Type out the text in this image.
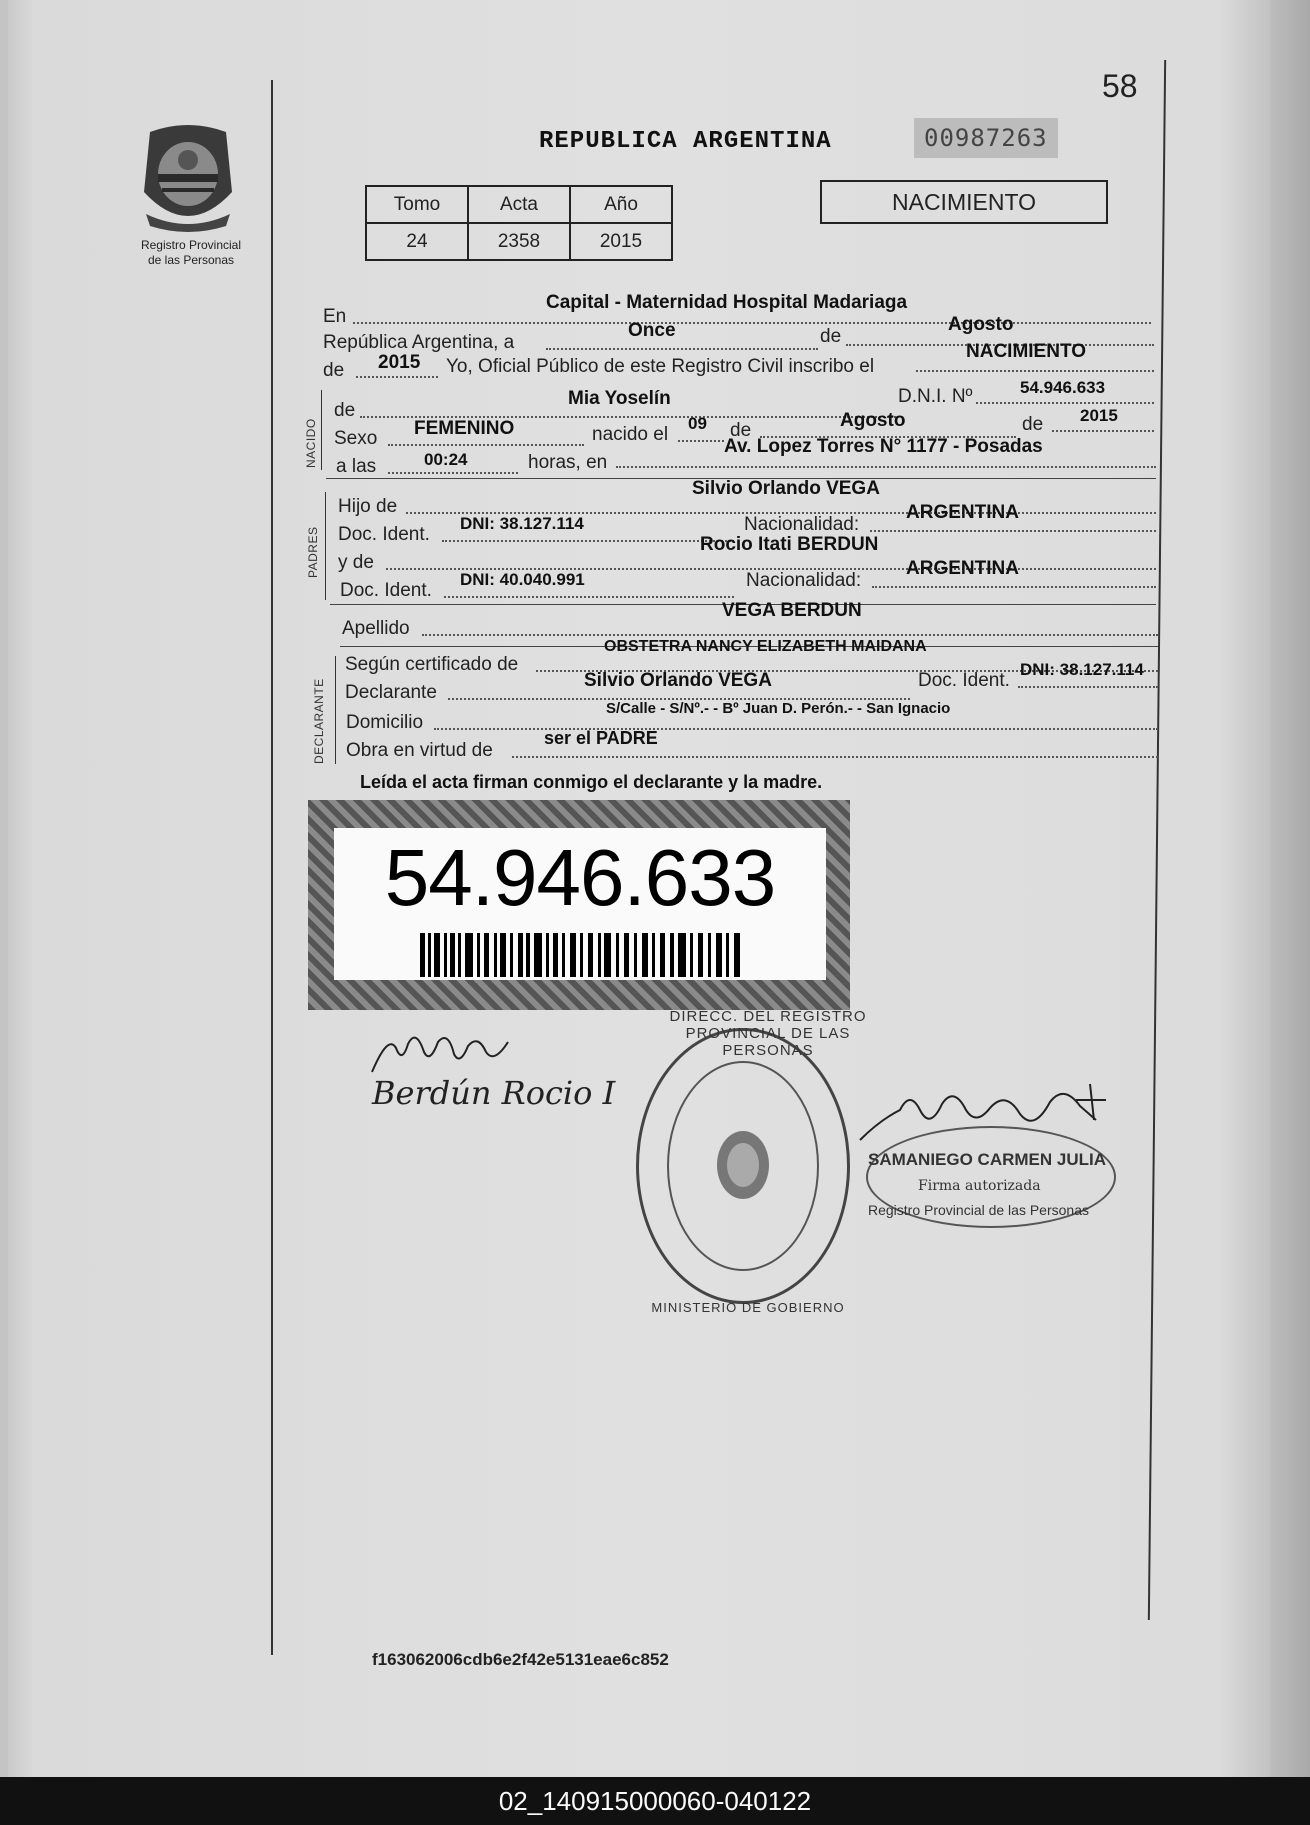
58
Registro Provincial
de las Personas
REPUBLICA ARGENTINA	00987263
Tomo	Acta	Año
24	2358	2015
NACIMIENTO
En
Capital - Maternidad Hospital Madariaga
República Argentina, a
Once	de
Agosto
de 2015 Yo, Oficial Público de este Registro Civil inscribo el
NACIMIENTO
NACIDO
de
Mia Yoselín	D.N.I. Nº	54.946.633
Sexo FEMENINO	nacido el
09 de	Agosto	de 2015
a las	00:24	horas, en
Av. Lopez Torres N° 1177 - Posadas
PADRES
Hijo de
Silvio Orlando VEGA
Doc. Ident.
DNI: 38.127.114	Nacionalidad:
ARGENTINA
y de
Rocio Itati BERDUN
Doc. Ident.
DNI: 40.040.991	Nacionalidad:
ARGENTINA
Apellido
VEGA BERDUN
DECLARANTE
Según certificado de
OBSTETRA NANCY ELIZABETH MAIDANA
Declarante
Silvio Orlando VEGA	Doc. Ident.
DNI: 38.127.114
Domicilio
S/Calle - S/Nº.- - Bº Juan D. Perón.- - San Ignacio
Obra en virtud de
ser el PADRE
Leída el acta firman conmigo el declarante y la madre.
54.946.633
Berdún Rocio I
DIRECC. DEL REGISTRO PROVINCIAL DE LAS PERSONAS
MINISTERIO DE GOBIERNO
SAMANIEGO CARMEN JULIA
Firma autorizada
Registro Provincial de las Personas
f163062006cdb6e2f42e5131eae6c852
02_140915000060-040122
